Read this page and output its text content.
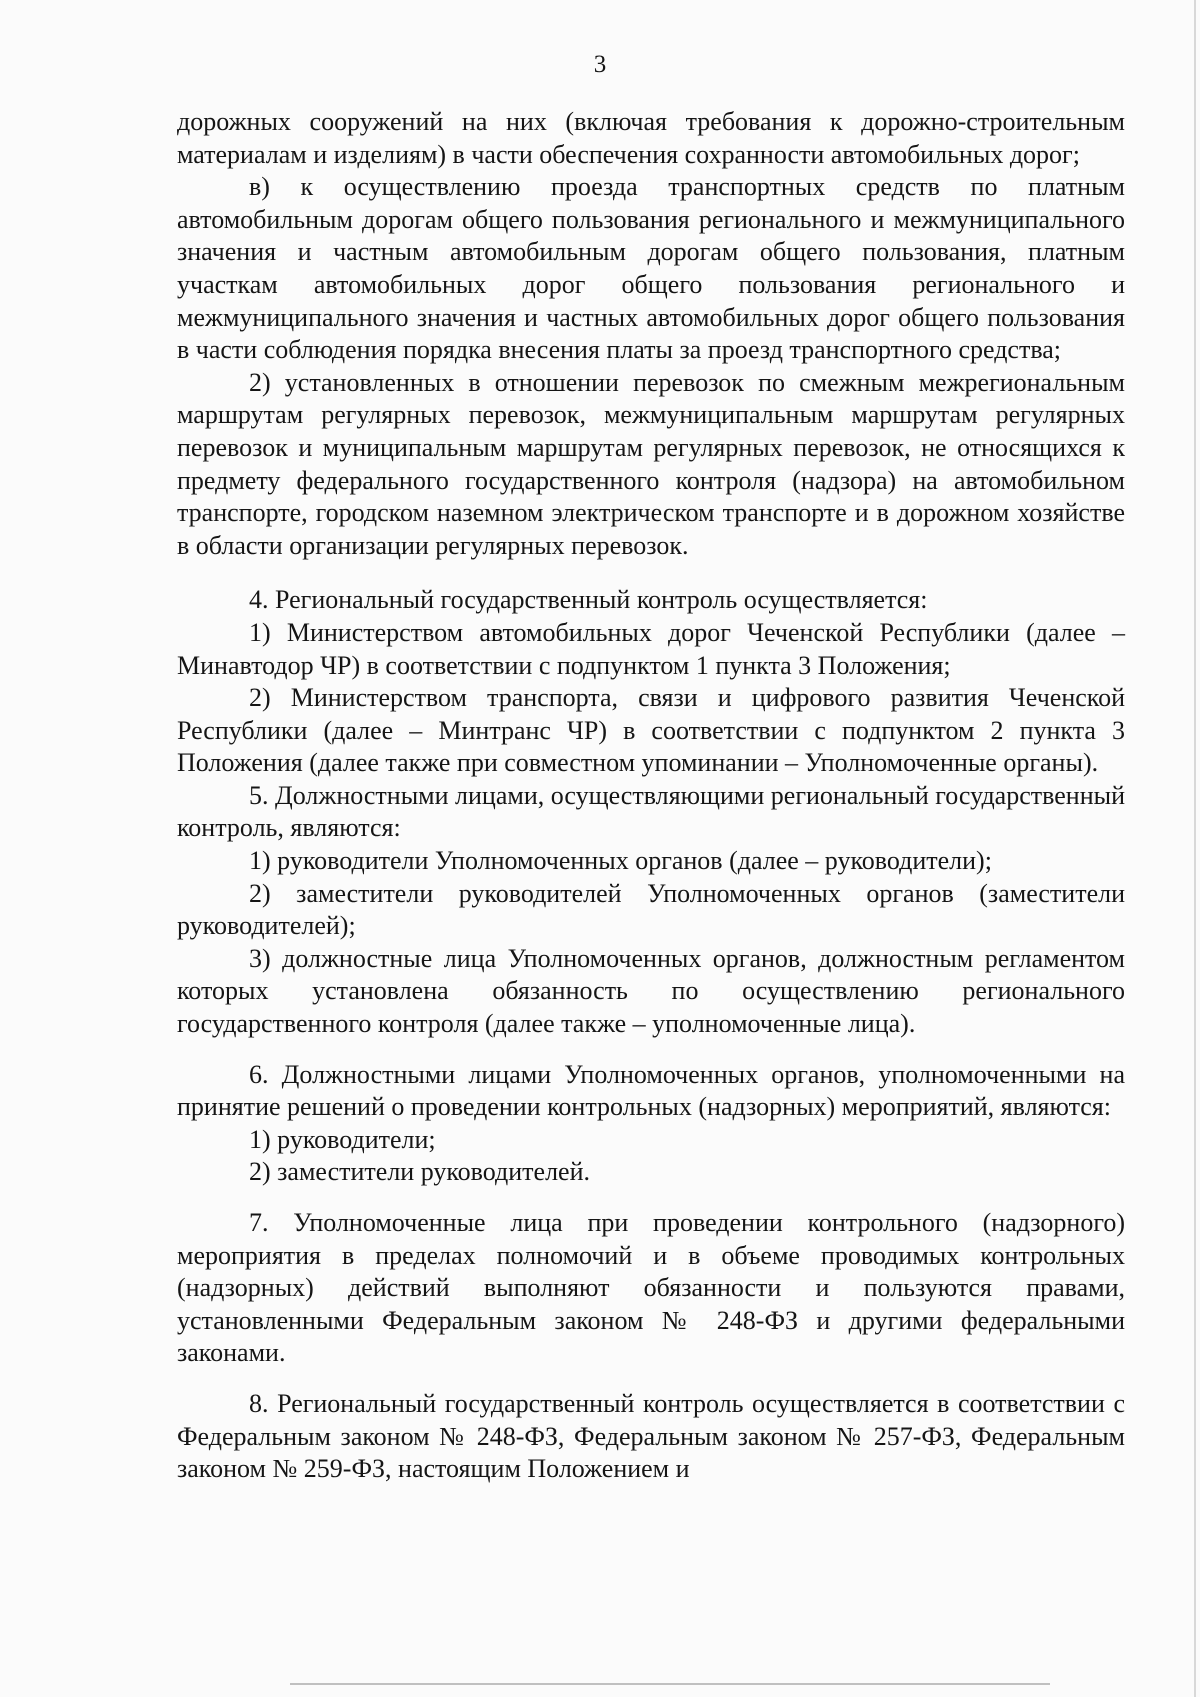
3

дорожных сооружений на них (включая требования к дорожно-строительным материалам и изделиям) в части обеспечения сохранности автомобильных дорог;

в) к осуществлению проезда транспортных средств по платным автомобильным дорогам общего пользования регионального и межмуниципального значения и частным автомобильным дорогам общего пользования, платным участкам автомобильных дорог общего пользования регионального и межмуниципального значения и частных автомобильных дорог общего пользования в части соблюдения порядка внесения платы за проезд транспортного средства;

2) установленных в отношении перевозок по смежным межрегиональным маршрутам регулярных перевозок, межмуниципальным маршрутам регулярных перевозок и муниципальным маршрутам регулярных перевозок, не относящихся к предмету федерального государственного контроля (надзора) на автомобильном транспорте, городском наземном электрическом транспорте и в дорожном хозяйстве в области организации регулярных перевозок.

4. Региональный государственный контроль осуществляется:

1) Министерством автомобильных дорог Чеченской Республики (далее – Минавтодор ЧР) в соответствии с подпунктом 1 пункта 3 Положения;

2) Министерством транспорта, связи и цифрового развития Чеченской Республики (далее – Минтранс ЧР) в соответствии с подпунктом 2 пункта 3 Положения (далее также при совместном упоминании – Уполномоченные органы).

5. Должностными лицами, осуществляющими региональный государственный контроль, являются:

1) руководители Уполномоченных органов (далее – руководители);

2) заместители руководителей Уполномоченных органов (заместители руководителей);

3) должностные лица Уполномоченных органов, должностным регламентом которых установлена обязанность по осуществлению регионального государственного контроля (далее также – уполномоченные лица).

6. Должностными лицами Уполномоченных органов, уполномоченными на принятие решений о проведении контрольных (надзорных) мероприятий, являются:

1) руководители;

2) заместители руководителей.

7. Уполномоченные лица при проведении контрольного (надзорного) мероприятия в пределах полномочий и в объеме проводимых контрольных (надзорных) действий выполняют обязанности и пользуются правами, установленными Федеральным законом № 248-ФЗ и другими федеральными законами.

8. Региональный государственный контроль осуществляется в соответствии с Федеральным законом № 248-ФЗ, Федеральным законом № 257-ФЗ, Федеральным законом № 259-ФЗ, настоящим Положением и
